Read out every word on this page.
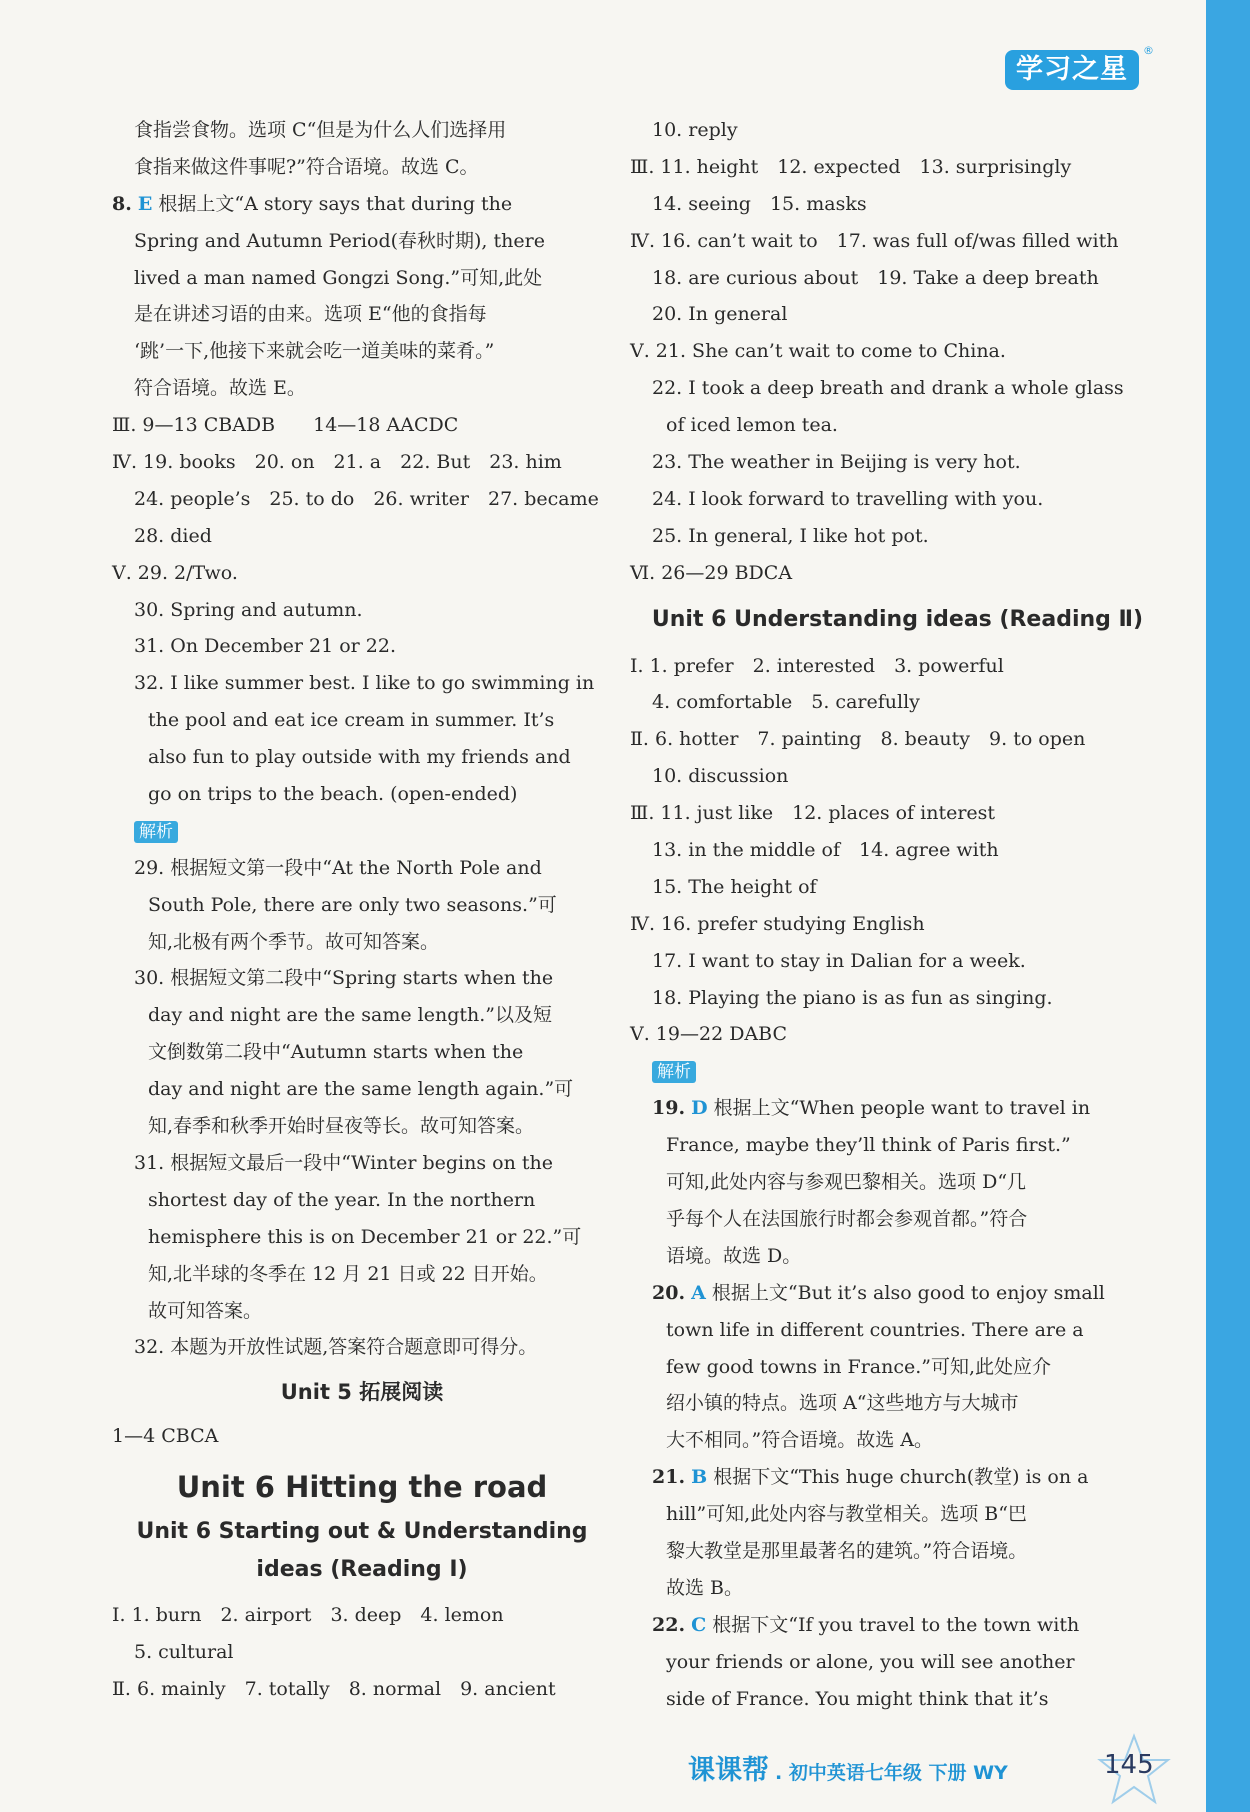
学习之星
®
食指尝食物。选项 C“但是为什么人们选择用
食指来做这件事呢?”符合语境。故选 C。
8. E 根据上文“A story says that during the
Spring and Autumn Period(春秋时期), there
lived a man named Gongzi Song.”可知,此处
是在讲述习语的由来。选项 E“他的食指每
‘跳’一下,他接下来就会吃一道美味的菜肴。”
符合语境。故选 E。
Ⅲ. 9—13 CBADB　　14—18 AACDC
Ⅳ. 19. books　20. on　21. a　22. But　23. him
24. people’s　25. to do　26. writer　27. became
28. died
Ⅴ. 29. 2/Two.
30. Spring and autumn.
31. On December 21 or 22.
32. I like summer best. I like to go swimming in
the pool and eat ice cream in summer. It’s
also fun to play outside with my friends and
go on trips to the beach. (open-ended)
解析
29. 根据短文第一段中“At the North Pole and
South Pole, there are only two seasons.”可
知,北极有两个季节。故可知答案。
30. 根据短文第二段中“Spring starts when the
day and night are the same length.”以及短
文倒数第二段中“Autumn starts when the
day and night are the same length again.”可
知,春季和秋季开始时昼夜等长。故可知答案。
31. 根据短文最后一段中“Winter begins on the
shortest day of the year. In the northern
hemisphere this is on December 21 or 22.”可
知,北半球的冬季在 12 月 21 日或 22 日开始。
故可知答案。
32. 本题为开放性试题,答案符合题意即可得分。
Unit 5 拓展阅读
1—4 CBCA
Unit 6 Hitting the road
Unit 6 Starting out & Understanding
ideas (Reading Ⅰ)
Ⅰ. 1. burn　2. airport　3. deep　4. lemon
5. cultural
Ⅱ. 6. mainly　7. totally　8. normal　9. ancient
10. reply
Ⅲ. 11. height　12. expected　13. surprisingly
14. seeing　15. masks
Ⅳ. 16. can’t wait to　17. was full of/was filled with
18. are curious about　19. Take a deep breath
20. In general
Ⅴ. 21. She can’t wait to come to China.
22. I took a deep breath and drank a whole glass
of iced lemon tea.
23. The weather in Beijing is very hot.
24. I look forward to travelling with you.
25. In general, I like hot pot.
Ⅵ. 26—29 BDCA
Unit 6 Understanding ideas (Reading Ⅱ)
Ⅰ. 1. prefer　2. interested　3. powerful
4. comfortable　5. carefully
Ⅱ. 6. hotter　7. painting　8. beauty　9. to open
10. discussion
Ⅲ. 11. just like　12. places of interest
13. in the middle of　14. agree with
15. The height of
Ⅳ. 16. prefer studying English
17. I want to stay in Dalian for a week.
18. Playing the piano is as fun as singing.
Ⅴ. 19—22 DABC
解析
19. D 根据上文“When people want to travel in
France, maybe they’ll think of Paris first.”
可知,此处内容与参观巴黎相关。选项 D“几
乎每个人在法国旅行时都会参观首都。”符合
语境。故选 D。
20. A 根据上文“But it’s also good to enjoy small
town life in different countries. There are a
few good towns in France.”可知,此处应介
绍小镇的特点。选项 A“这些地方与大城市
大不相同。”符合语境。故选 A。
21. B 根据下文“This huge church(教堂) is on a
hill”可知,此处内容与教堂相关。选项 B“巴
黎大教堂是那里最著名的建筑。”符合语境。
故选 B。
22. C 根据下文“If you travel to the town with
your friends or alone, you will see another
side of France. You might think that it’s
课课帮 . 初中英语七年级 下册 WY	145
